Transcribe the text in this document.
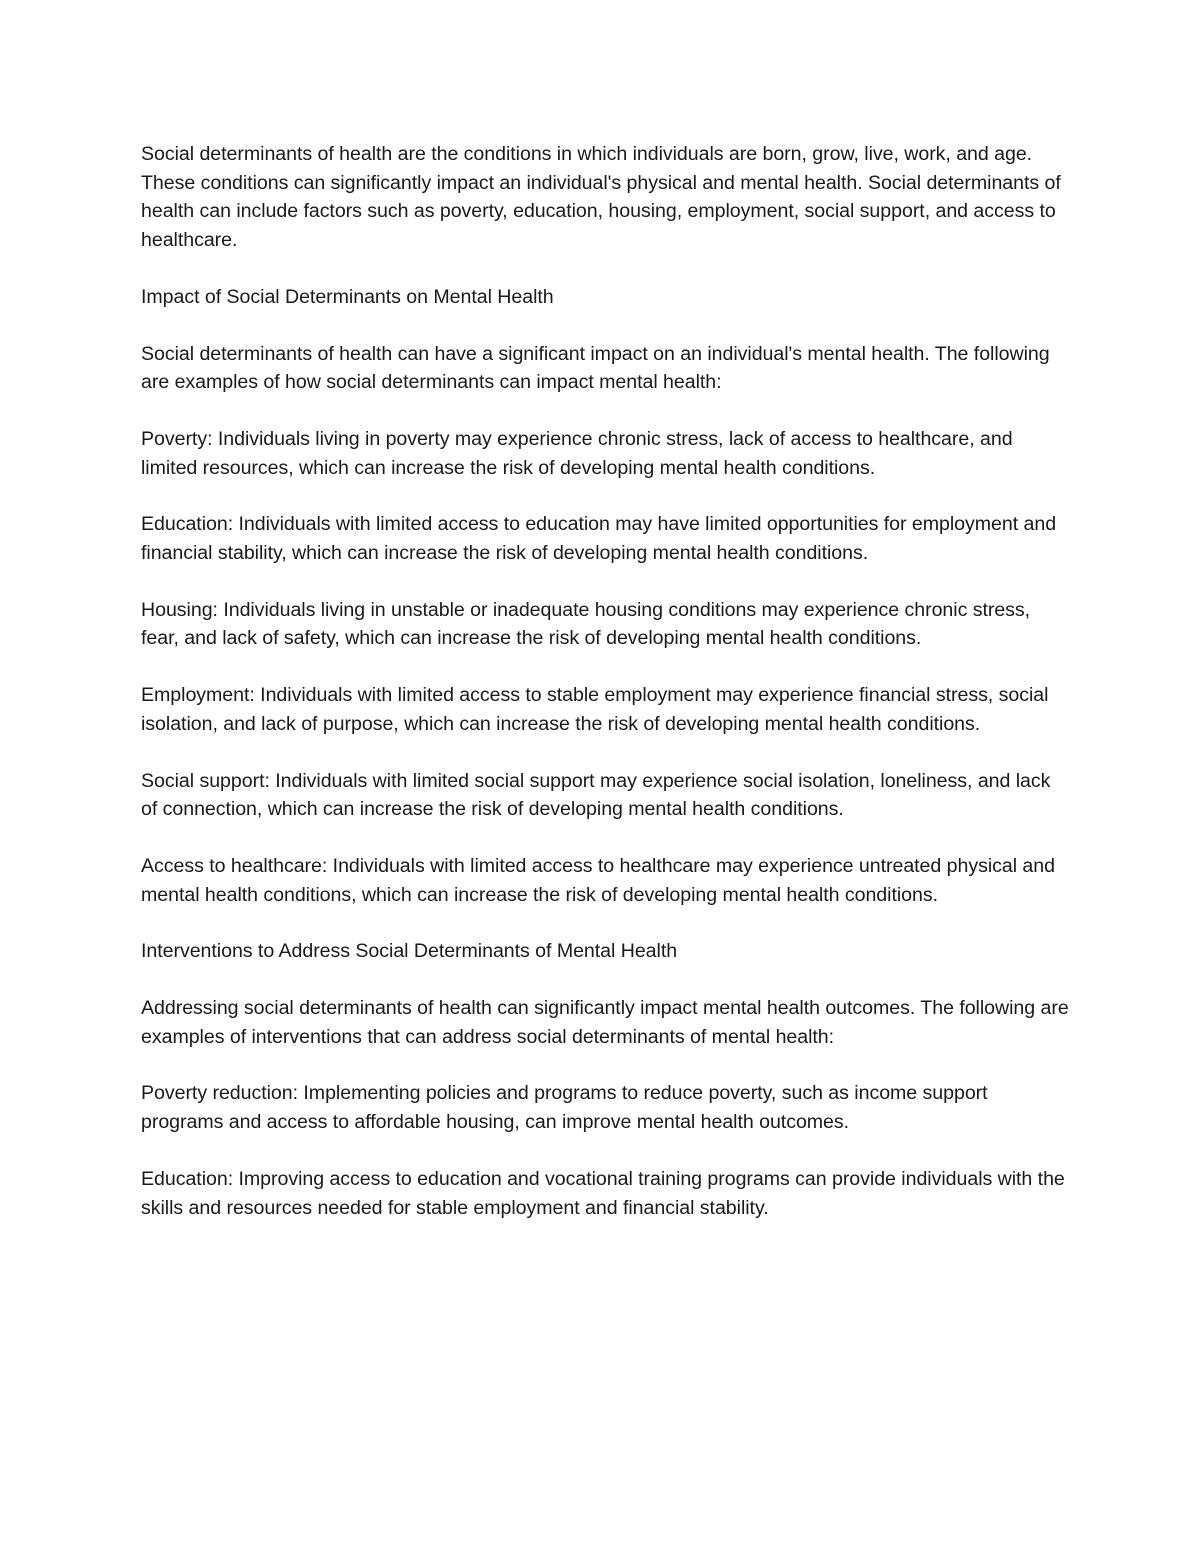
Social determinants of health are the conditions in which individuals are born, grow, live, work, and age. These conditions can significantly impact an individual's physical and mental health. Social determinants of health can include factors such as poverty, education, housing, employment, social support, and access to healthcare.

Impact of Social Determinants on Mental Health

Social determinants of health can have a significant impact on an individual's mental health. The following are examples of how social determinants can impact mental health:

Poverty: Individuals living in poverty may experience chronic stress, lack of access to healthcare, and limited resources, which can increase the risk of developing mental health conditions.

Education: Individuals with limited access to education may have limited opportunities for employment and financial stability, which can increase the risk of developing mental health conditions.

Housing: Individuals living in unstable or inadequate housing conditions may experience chronic stress, fear, and lack of safety, which can increase the risk of developing mental health conditions.

Employment: Individuals with limited access to stable employment may experience financial stress, social isolation, and lack of purpose, which can increase the risk of developing mental health conditions.

Social support: Individuals with limited social support may experience social isolation, loneliness, and lack of connection, which can increase the risk of developing mental health conditions.

Access to healthcare: Individuals with limited access to healthcare may experience untreated physical and mental health conditions, which can increase the risk of developing mental health conditions.

Interventions to Address Social Determinants of Mental Health

Addressing social determinants of health can significantly impact mental health outcomes. The following are examples of interventions that can address social determinants of mental health:

Poverty reduction: Implementing policies and programs to reduce poverty, such as income support programs and access to affordable housing, can improve mental health outcomes.

Education: Improving access to education and vocational training programs can provide individuals with the skills and resources needed for stable employment and financial stability.
